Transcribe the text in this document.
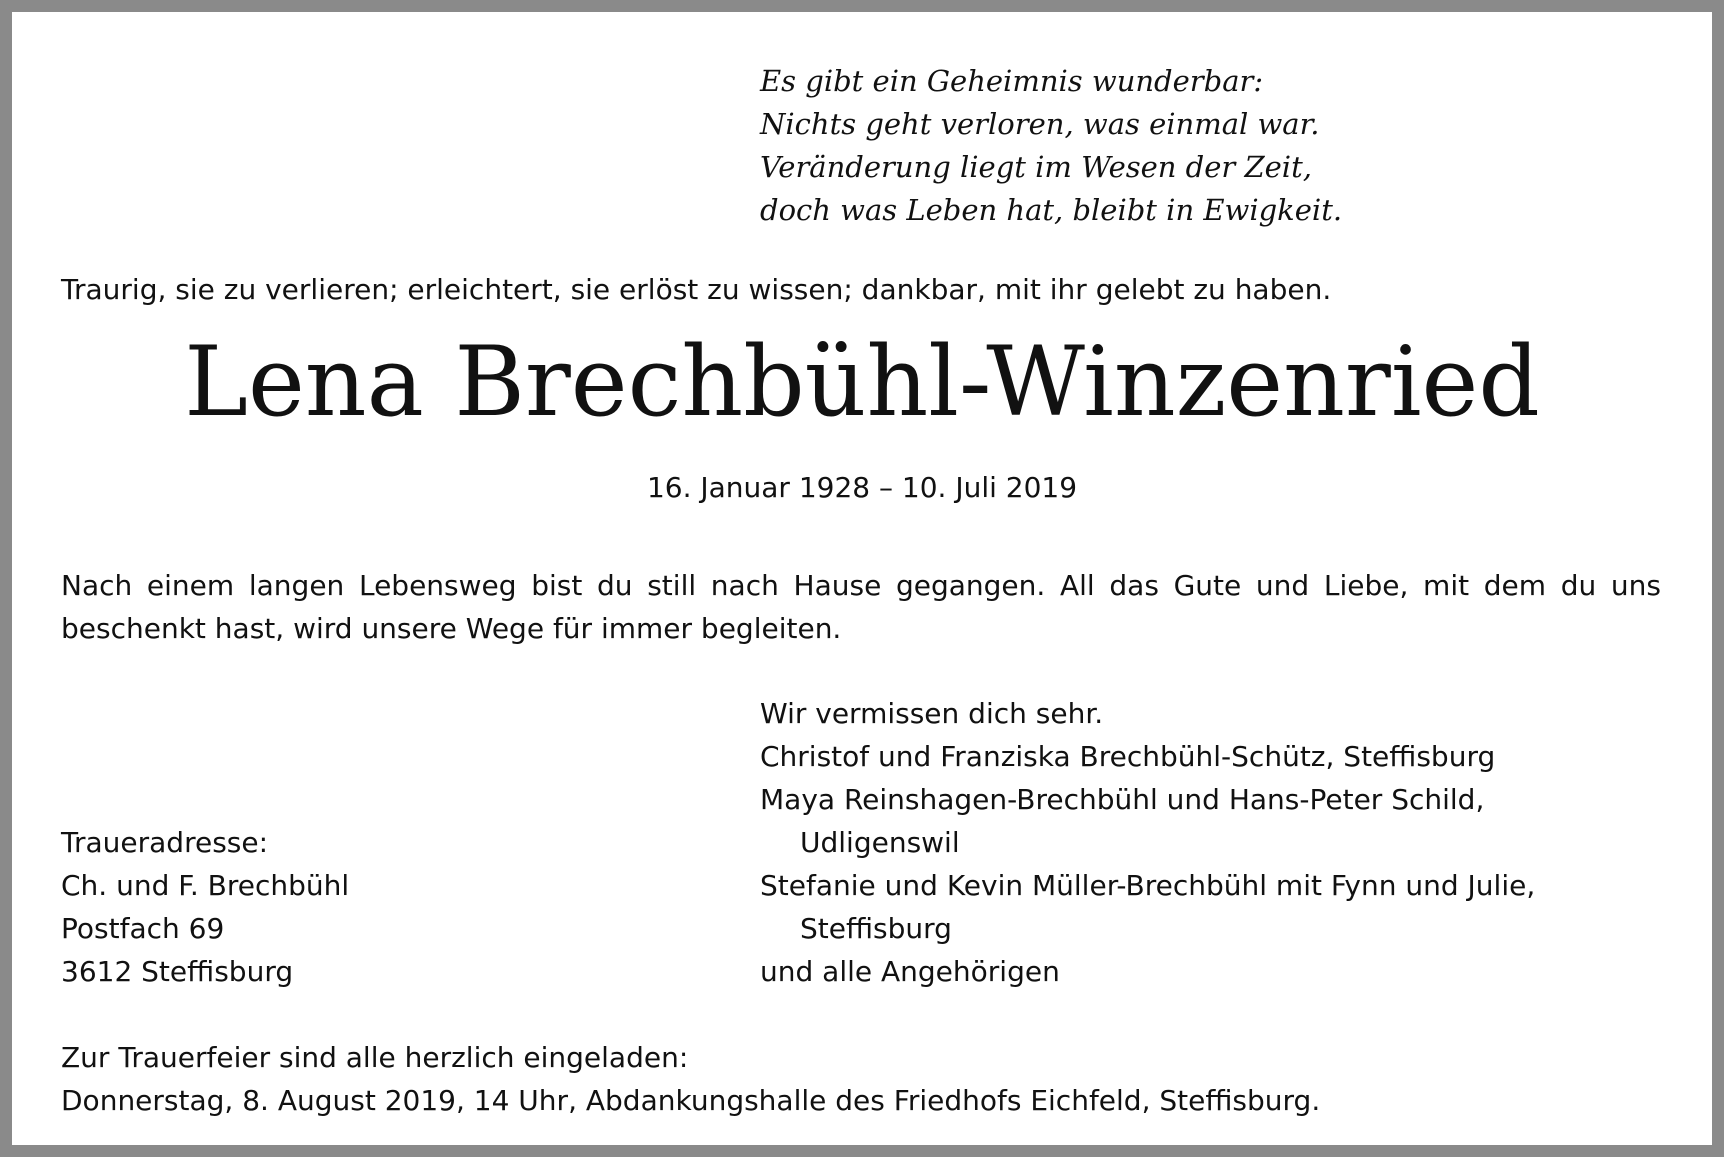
Es gibt ein Geheimnis wunderbar:
Nichts geht verloren, was einmal war.
Veränderung liegt im Wesen der Zeit,
doch was Leben hat, bleibt in Ewigkeit.

Traurig, sie zu verlieren; erleichtert, sie erlöst zu wissen; dankbar, mit ihr gelebt zu haben.

Lena Brechbühl-Winzenried

16. Januar 1928 – 10. Juli 2019

Nach einem langen Lebensweg bist du still nach Hause gegangen. All das Gute und Liebe, mit dem du uns beschenkt hast, wird unsere Wege für immer begleiten.

Wir vermissen dich sehr.
Christof und Franziska Brechbühl-Schütz, Steffisburg
Maya Reinshagen-Brechbühl und Hans-Peter Schild,
Udligenswil
Stefanie und Kevin Müller-Brechbühl mit Fynn und Julie,
Steffisburg
und alle Angehörigen
Traueradresse:
Ch. und F. Brechbühl
Postfach 69
3612 Steffisburg
Zur Trauerfeier sind alle herzlich eingeladen:
Donnerstag, 8. August 2019, 14 Uhr, Abdankungshalle des Friedhofs Eichfeld, Steffisburg.
